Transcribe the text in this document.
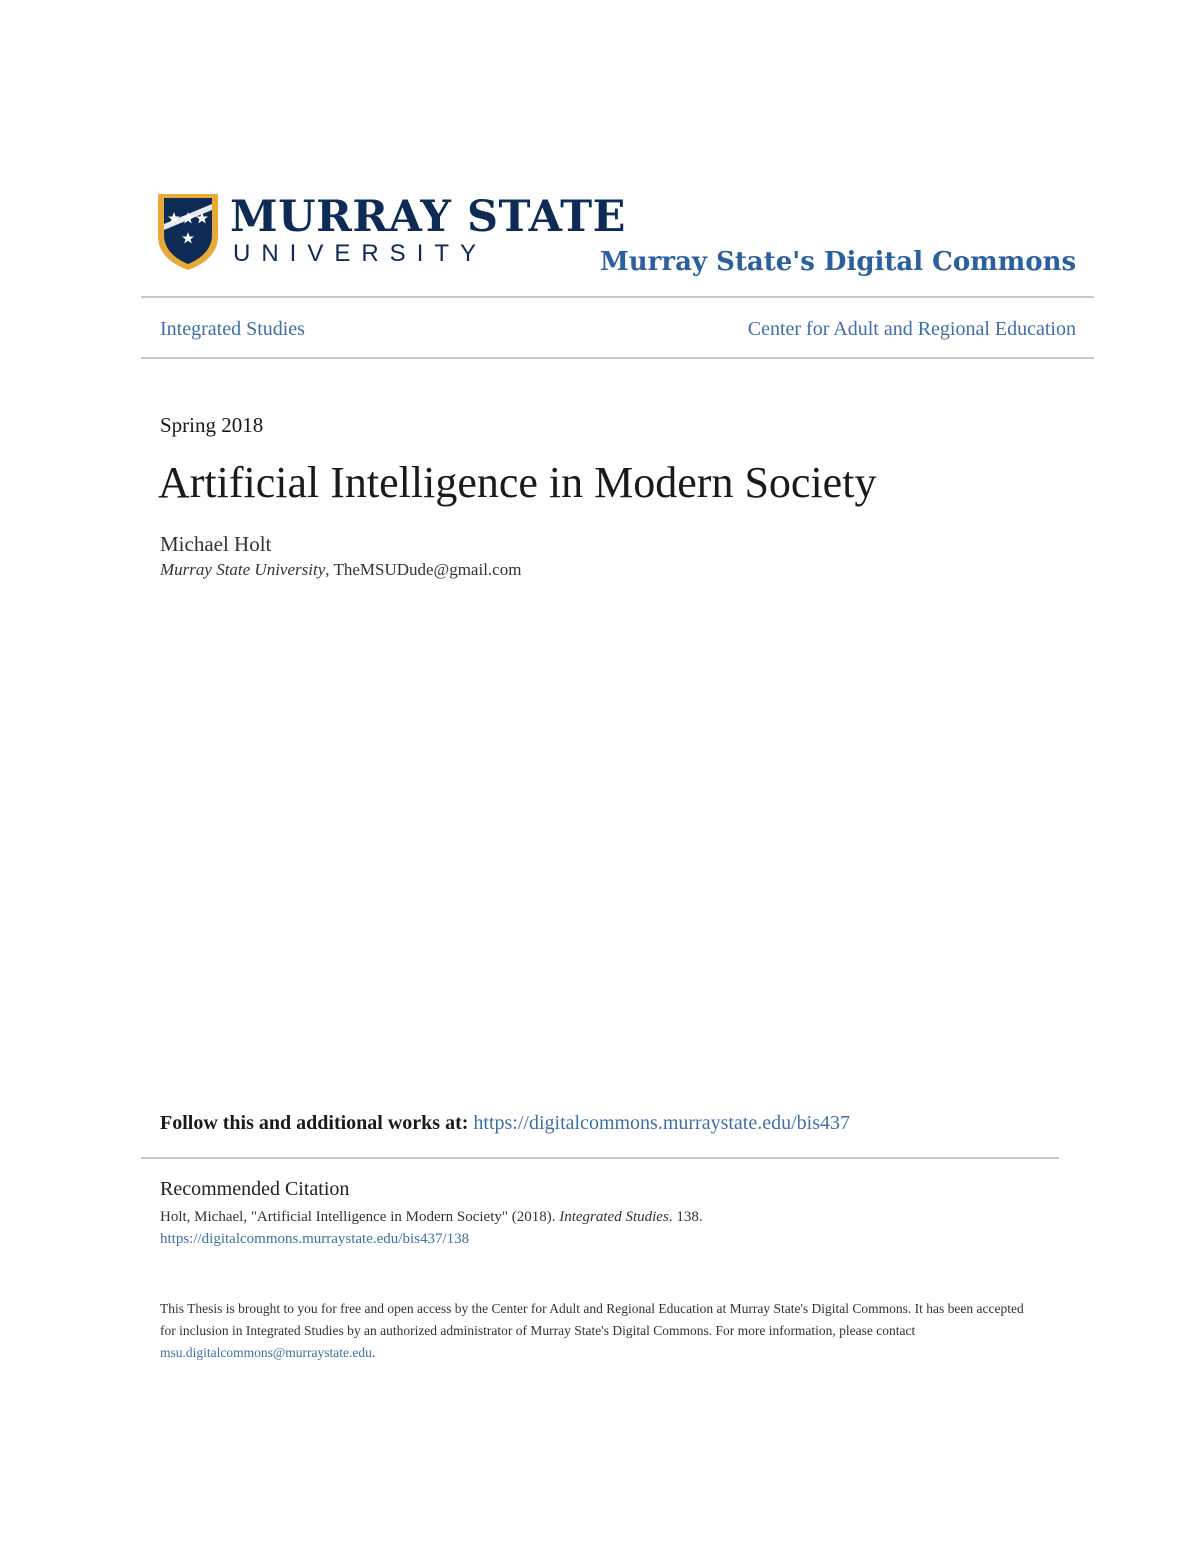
MURRAY STATE
UNIVERSITY	Murray State's Digital Commons
Integrated Studies	Center for Adult and Regional Education
Spring 2018
Artificial Intelligence in Modern Society
Michael Holt
Murray State University, TheMSUDude@gmail.com
Follow this and additional works at: https://digitalcommons.murraystate.edu/bis437
Recommended Citation
Holt, Michael, "Artificial Intelligence in Modern Society" (2018). Integrated Studies. 138.
https://digitalcommons.murraystate.edu/bis437/138

This Thesis is brought to you for free and open access by the Center for Adult and Regional Education at Murray State's Digital Commons. It has been accepted for inclusion in Integrated Studies by an authorized administrator of Murray State's Digital Commons. For more information, please contact msu.digitalcommons@murraystate.edu.
